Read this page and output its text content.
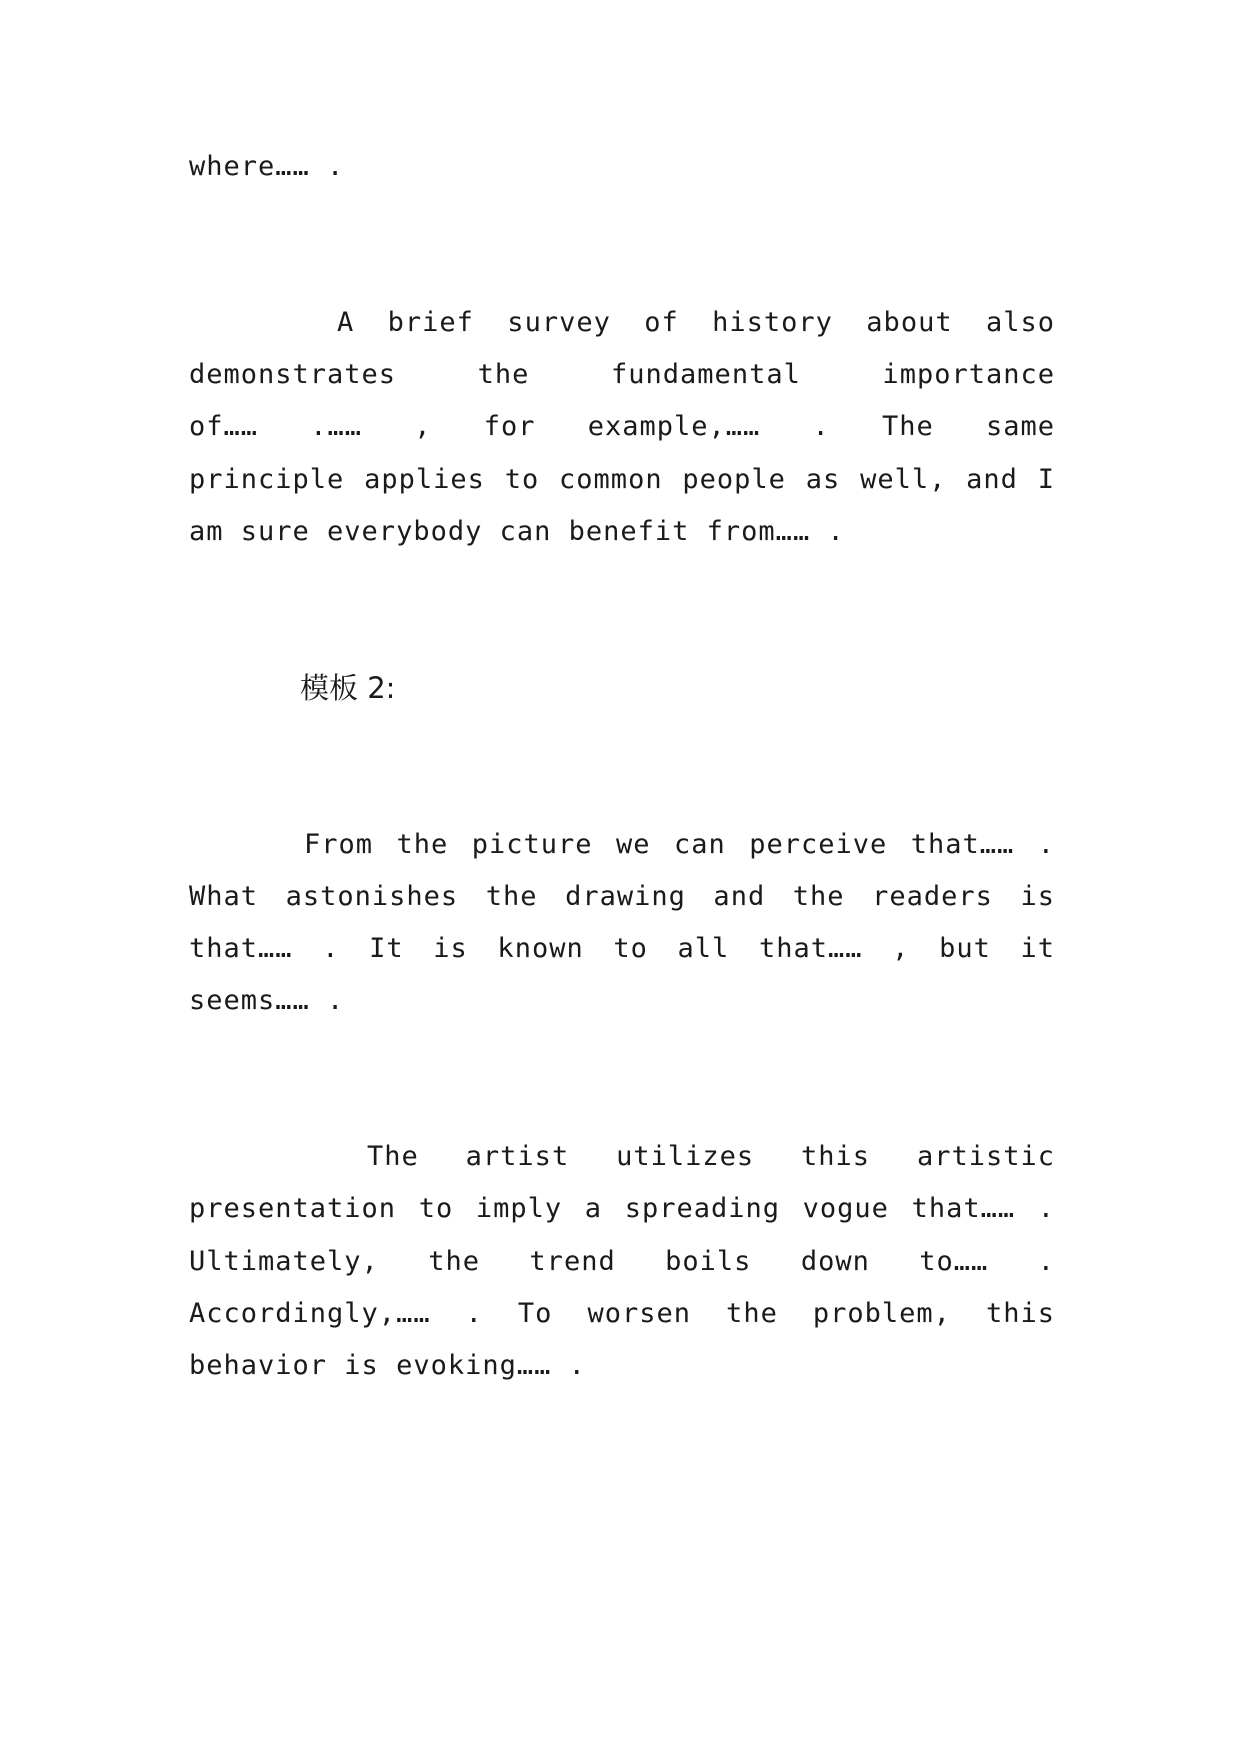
where…… .

A brief survey of history about also

demonstrates the fundamental importance

of…… .…… , for example,…… . The same

principle applies to common people as well, and I

am sure everybody can benefit from…… .

模板 2:

From the picture we can perceive that…… .

What astonishes the drawing and the readers is

that…… . It is known to all that…… , but it

seems…… .

The artist utilizes this artistic

presentation to imply a spreading vogue that…… .

Ultimately, the trend boils down to…… .

Accordingly,…… . To worsen the problem, this

behavior is evoking…… .
